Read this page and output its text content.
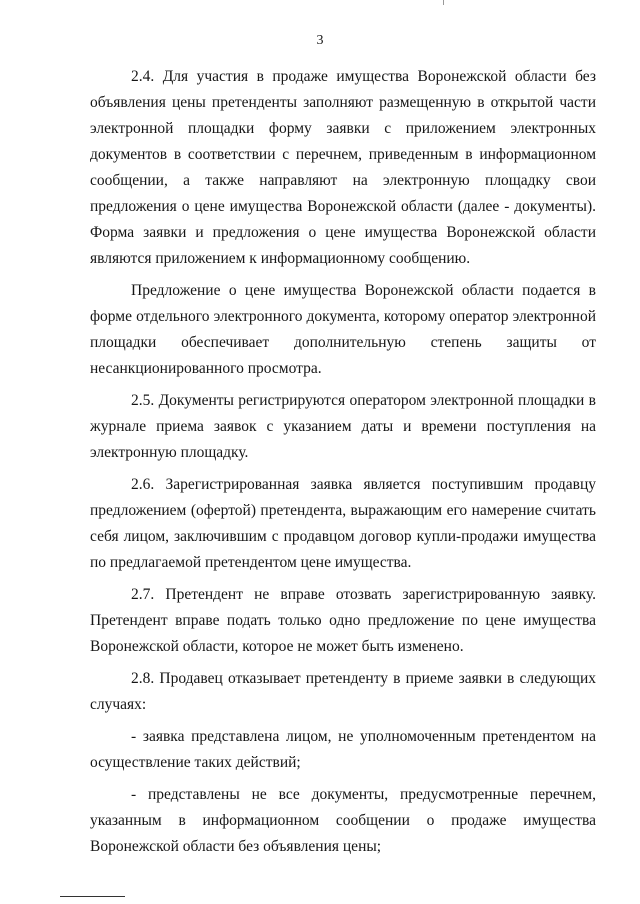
3

2.4. Для участия в продаже имущества Воронежской области без объявления цены претенденты заполняют размещенную в открытой части электронной площадки форму заявки с приложением электронных документов в соответствии с перечнем, приведенным в информационном сообщении, а также направляют на электронную площадку свои предложения о цене имущества Воронежской области (далее - документы). Форма заявки и предложения о цене имущества Воронежской области являются приложением к информационному сообщению.

Предложение о цене имущества Воронежской области подается в форме отдельного электронного документа, которому оператор электронной площадки обеспечивает дополнительную степень защиты от несанкционированного просмотра.

2.5. Документы регистрируются оператором электронной площадки в журнале приема заявок с указанием даты и времени поступления на электронную площадку.

2.6. Зарегистрированная заявка является поступившим продавцу предложением (офертой) претендента, выражающим его намерение считать себя лицом, заключившим с продавцом договор купли-продажи имущества по предлагаемой претендентом цене имущества.

2.7. Претендент не вправе отозвать зарегистрированную заявку. Претендент вправе подать только одно предложение по цене имущества Воронежской области, которое не может быть изменено.

2.8. Продавец отказывает претенденту в приеме заявки в следующих случаях:

- заявка представлена лицом, не уполномоченным претендентом на осуществление таких действий;

- представлены не все документы, предусмотренные перечнем, указанным в информационном сообщении о продаже имущества Воронежской области без объявления цены;
